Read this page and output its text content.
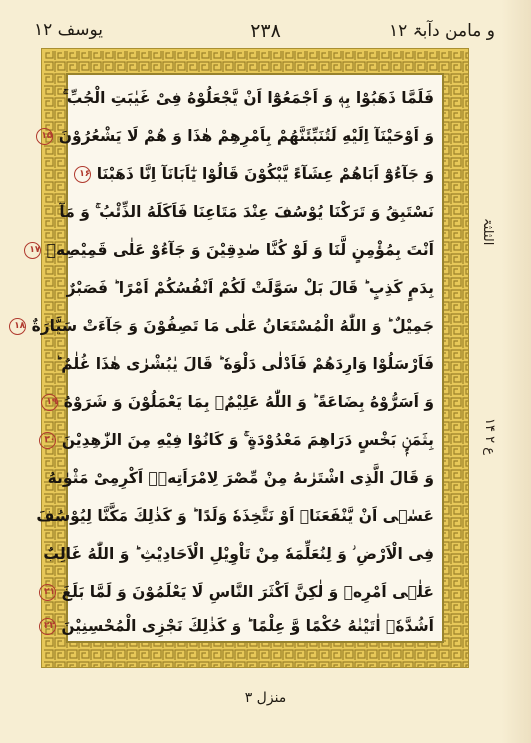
یوسف ۱۲	۲۳۸	و مامن دآبۃ ۱۲
فَلَمَّا ذَهَبُوْا بِهٖ وَ اَجْمَعُوْٓا اَنْ یَّجْعَلُوْهُ فِیْ غَیٰبَتِ الْجُبِّ ۚ
وَ اَوْحَیْنَآ اِلَیْهِ لَتُنَبِّئَنَّهُمْ بِاَمْرِهِمْ هٰذَا وَ هُمْ لَا یَشْعُرُوْنَ ۱۵
وَ جَآءُوْٓ اَبَاهُمْ عِشَآءً یَّبْكُوْنَ قَالُوْا یٰٓاَبَانَآ اِنَّا ذَهَبْنَا ۱۶
نَسْتَبِقُ وَ تَرَكْنَا یُوْسُفَ عِنْدَ مَتَاعِنَا فَاَكَلَهُ الذِّئْبُ ۚ وَ مَآ
اَنْتَ بِمُؤْمِنٍ لَّنَا وَ لَوْ كُنَّا صٰدِقِیْنَ وَ جَآءُوْ عَلٰى قَمِیْصِهٖ ۱۷
بِدَمٍ كَذِبٍ ؕ قَالَ بَلْ سَوَّلَتْ لَكُمْ اَنْفُسُكُمْ اَمْرًا ؕ فَصَبْرٌ
جَمِیْلٌ ؕ وَ اللّٰهُ الْمُسْتَعَانُ عَلٰى مَا تَصِفُوْنَ وَ جَآءَتْ سَیَّارَةٌ ۱۸
فَاَرْسَلُوْا وَارِدَهُمْ فَاَدْلٰى دَلْوَهٗ ؕ قَالَ یٰبُشْرٰى هٰذَا غُلٰمٌ ؕ
وَ اَسَرُّوْهُ بِضَاعَةً ؕ وَ اللّٰهُ عَلِیْمٌۢ بِمَا یَعْمَلُوْنَ وَ شَرَوْهُ ۱۹
بِثَمَنٍۭ بَخْسٍ دَرَاهِمَ مَعْدُوْدَةٍ ۚ وَ كَانُوْا فِیْهِ مِنَ الزّٰهِدِیْنَ ۲۰
وَ قَالَ الَّذِی اشْتَرٰىهُ مِنْ مِّصْرَ لِامْرَاَتِهٖۤ اَكْرِمِیْ مَثْوٰىهُ
عَسٰۤى اَنْ یَّنْفَعَنَاۤ اَوْ نَتَّخِذَهٗ وَلَدًا ؕ وَ كَذٰلِكَ مَكَّنَّا لِیُوْسُفَ
فِی الْاَرْضِ ؗ وَ لِنُعَلِّمَهٗ مِنْ تَاْوِیْلِ الْاَحَادِیْثِ ؕ وَ اللّٰهُ غَالِبٌ
عَلٰۤى اَمْرِهٖ وَ لٰكِنَّ اَكْثَرَ النَّاسِ لَا یَعْلَمُوْنَ وَ لَمَّا بَلَغَ ۲۱
اَشُدَّهٗۤ اٰتَیْنٰهُ حُكْمًا وَّ عِلْمًا ؕ وَ كَذٰلِكَ نَجْزِی الْمُحْسِنِیْنَ ۲۲
الثلثۃ
ع ۲ ۱۴
منزل ۳
